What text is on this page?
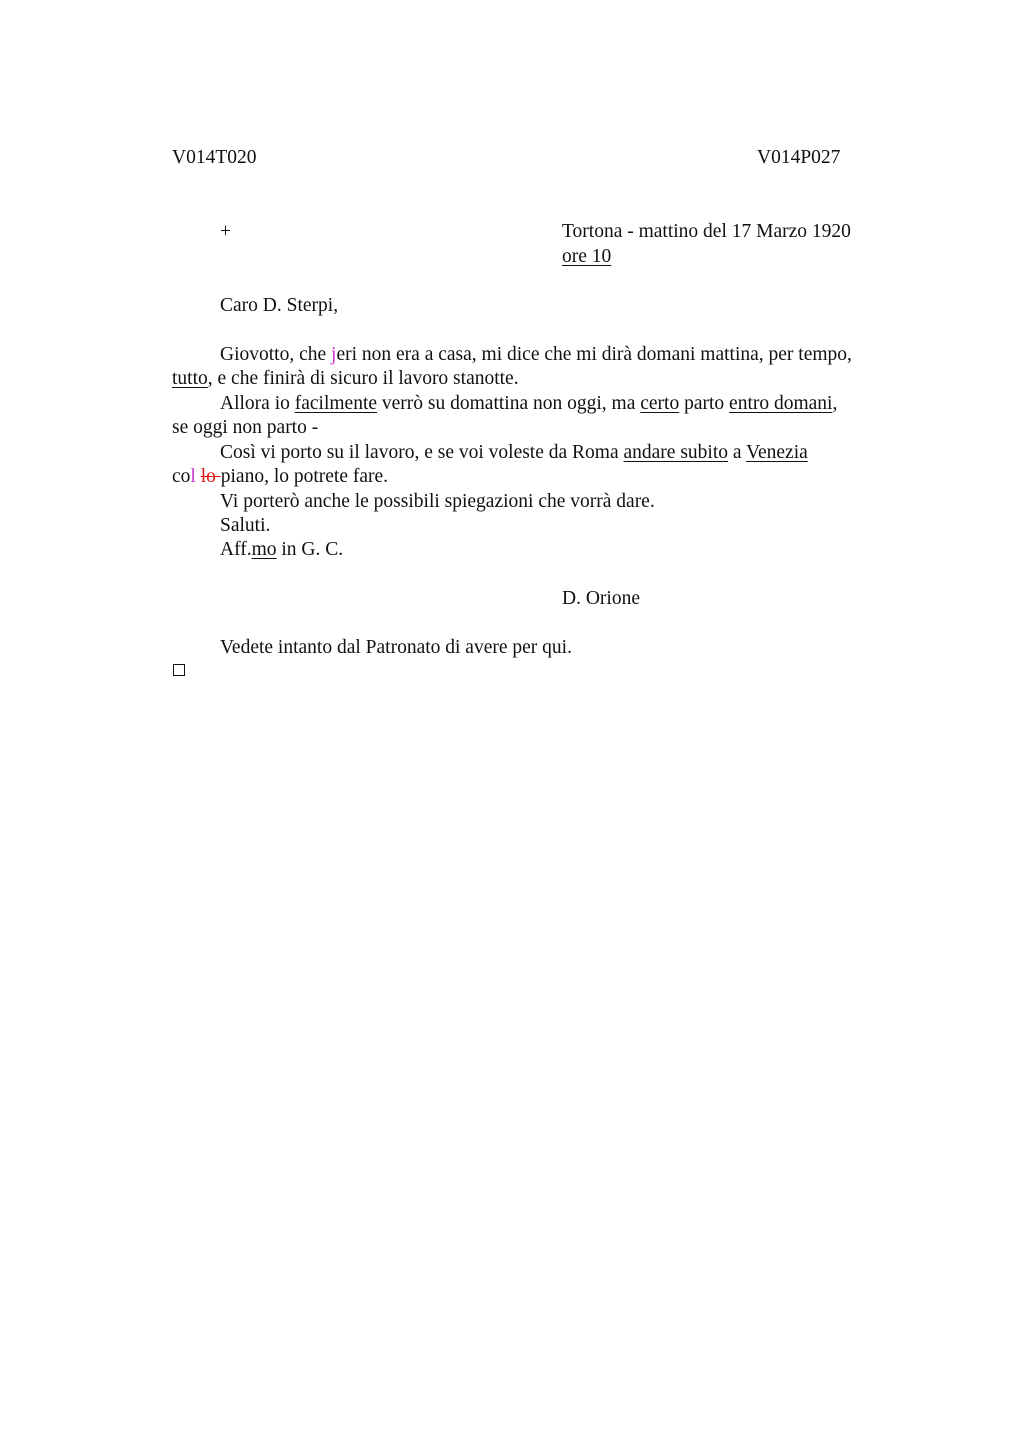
V014T020	V014P027
+	Tortona - mattino del 17 Marzo 1920
ore 10
Caro D. Sterpi,
Giovotto, che jeri non era a casa, mi dice che mi dirà domani mattina, per tempo,
tutto, e che finirà di sicuro il lavoro stanotte.
Allora io facilmente verrò su domattina non oggi, ma certo parto entro domani,
se oggi non parto -
Così vi porto su il lavoro, e se voi voleste da Roma andare subito a Venezia
col lo piano, lo potrete fare.
Vi porterò anche le possibili spiegazioni che vorrà dare.
Saluti.
Aff.mo in G. C.
D. Orione
Vedete intanto dal Patronato di avere per qui.
